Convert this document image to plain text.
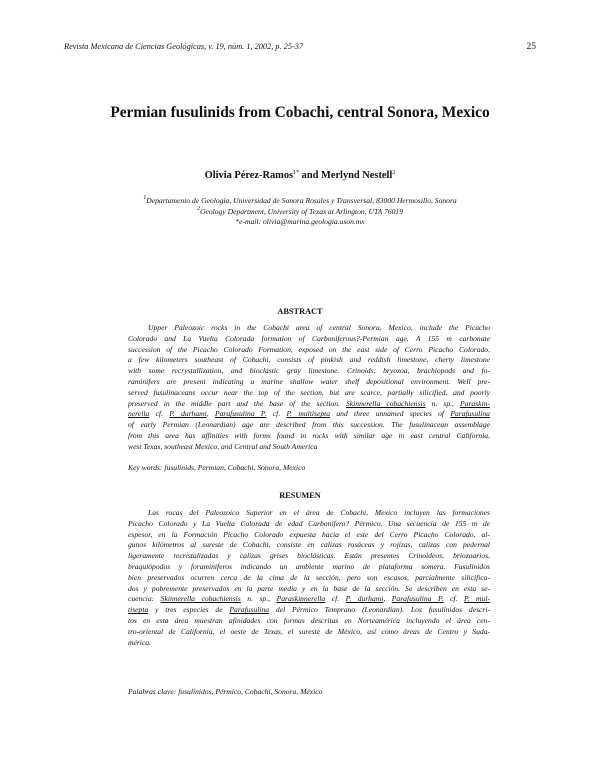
Revista Mexicana de Ciencias Geológicas, v. 19, núm. 1, 2002, p. 25-37	25
Permian fusulinids from Cobachi, central Sonora, Mexico
Olivia Pérez-Ramos$^{1*}$ and Merlynd Nestell$^2$
$^1$Departamento de Geología, Universidad de Sonora Rosales y Transversal, 83000 Hermosillo, Sonora
$^2$Geology Department, University of Texas at Arlington, UTA 76019
*e-mail: olivia@marina.geologia.uson.mx
ABSTRACT
Upper Paleozoic rocks in the Cobachi area of central Sonora, Mexico, include the Picacho
Colorado and La Vuelta Colorada formation of Carboniferous?-Permian age. A 155 m carbonate
succession of the Picacho Colorado Formation, exposed on the east side of Cerro Picacho Colorado,
a few kilometers southeast of Cobachi, consists of pinkish and reddish limestone, cherty limestone
with some recrystallization, and bioclastic gray limestone. Crinoids, bryozoa, brachiopods and fo-
raminifers are present indicating a marine shallow water shelf depositional environment. Well pre-
served fusulinaceans occur near the top of the section, but are scarce, partially silicified, and poorly
preserved in the middle part and the base of the section. Skinnerella cobachiensis n. sp., Paraskin-
nerella cf. P. durhami, Parafusulina P. cf. P. multisepta and three unnamed species of Parafusulina
of early Permian (Leonardian) age are described from this succession. The fusulinacean assemblage
from this area has affinities with forms found in rocks with similar age in east central California,
west Texas, southeast Mexico, and Central and South America
Key words: fusulinids, Permian, Cobachi, Sonora, Mexico
RESUMEN
Las rocas del Paleozoico Superior en el área de Cobachi, Mexico incluyen las formaciones
Picacho Colorado y La Vuelta Colorada de edad Carbonífero? Pérmico. Una secuencia de 155 m de
espesor, en la Formación Picacho Colorado expuesta hacia el este del Cerro Picacho Colorado, al-
gunos kilómetros al sureste de Cobachi, consiste en calizas rosáceas y rojizas, calizas con pedernal
ligeramente recristalizadas y calizas grises bioclásticas. Están presentes Crinoideos, briozoarios,
braquiópodos y foraminíferos indicando un ambiente marino de plataforma somera. Fusulínidos
bien preservados ocurren cerca de la cima de la sección, pero son escasos, parcialmente silicifica-
dos y pobremente preservados en la parte media y en la base de la sección. Se describen en esta se-
cuencia: Skinnerella cobachiensis n. sp., Paraskinnerella cf. P. durhami, Parafusulina P. cf. P. mul-
tisepta y tres especies de Parafusulina del Pérmico Temprano (Leonardian). Los fusulínidos descri-
tos en esta área muestran afinidades con formas descritas en Norteamérica incluyendo el área cen-
tro-oriental de California, el oeste de Texas, el sureste de México, así como áreas de Centro y Suda-
mérica.
Palabras clave: fusulínidos, Pérmico, Cobachi, Sonora, México
